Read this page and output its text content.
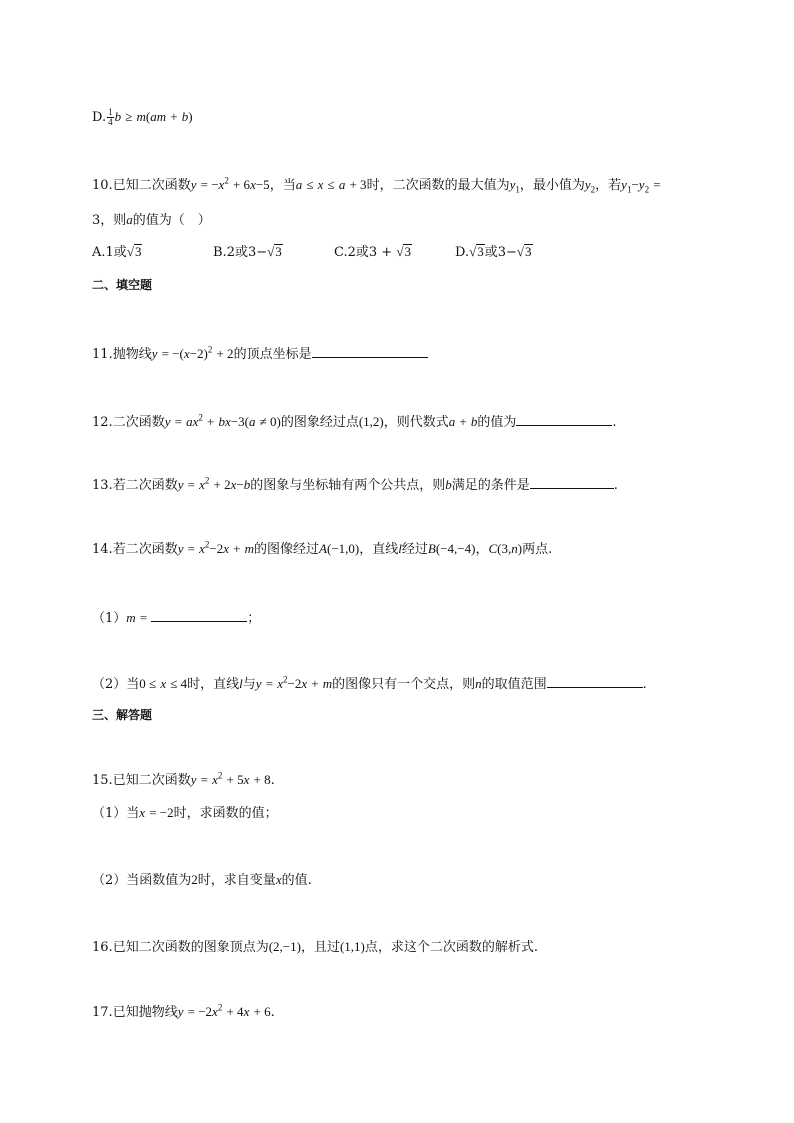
D. $\frac{1}{4}$ b ≥ m(am + b)
10.已知二次函数$y = -x^2 + 6x-5$，当a ≤ x ≤ a + 3时，二次函数的最大值为$y_1$，最小值为$y_2$，若$y_1-y_2$ =
3，则a的值为（　）
A.1或√3	B.2或3−√3	C.2或3 + √3	D.√3或3−√3
二、填空题
11.抛物线$y = -(x-2)^2 + 2$的顶点坐标是
12.二次函数$y = ax^2 + bx-3(a \ne 0)$的图象经过点(1,2)，则代数式a + b的值为	.
13.若二次函数$y = x^2 + 2x-b$的图象与坐标轴有两个公共点，则b满足的条件是	.
14.若二次函数$y = x^2-2x + m$的图像经过A(−1,0)，直线l经过B(−4,−4)，C(3,n)两点.
（1）m =	；
（2）当0 ≤ x ≤ 4时，直线l与$y = x^2-2x + m$的图像只有一个交点，则n的取值范围	.
三、解答题
15.已知二次函数$y = x^2 + 5x + 8$.
（1）当x = −2时，求函数的值；
（2）当函数值为2时，求自变量x的值.
16.已知二次函数的图象顶点为(2,−1)，且过(1,1)点，求这个二次函数的解析式.
17.已知抛物线$y = -2x^2 + 4x + 6$.
